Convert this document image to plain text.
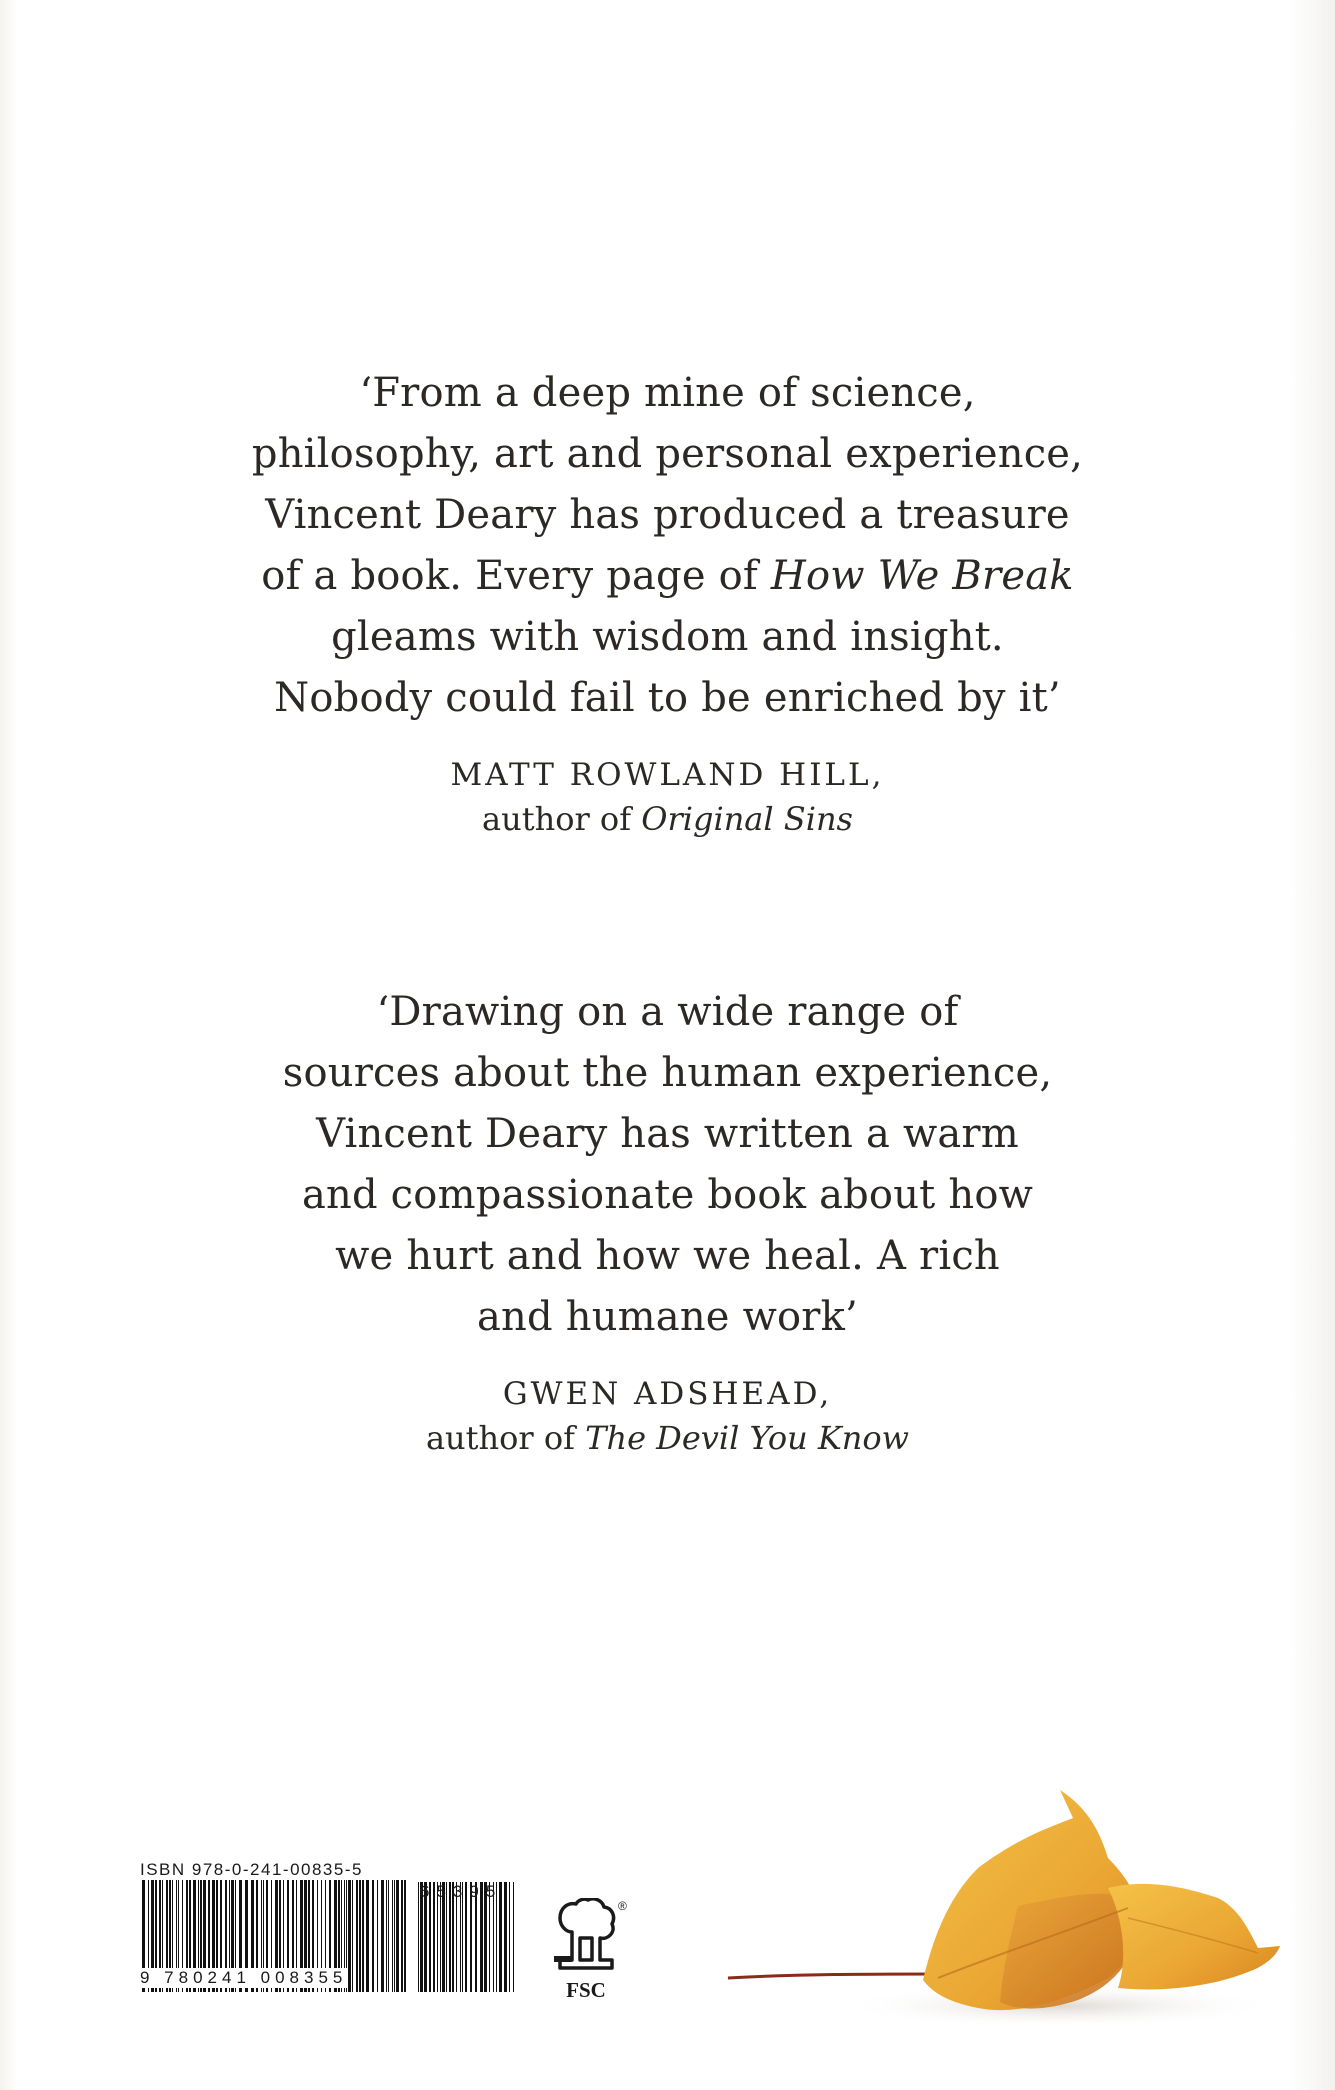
‘From a deep mine of science,
philosophy, art and personal experience,
Vincent Deary has produced a treasure
of a book. Every page of How We Break
gleams with wisdom and insight.
Nobody could fail to be enriched by it’
MATT ROWLAND HILL,
author of Original Sins
‘Drawing on a wide range of
sources about the human experience,
Vincent Deary has written a warm
and compassionate book about how
we hurt and how we heal. A rich
and humane work’
GWEN ADSHEAD,
author of The Devil You Know
ISBN 978-0-241-00835-5
9 780241 008355
65395
®
FSC
